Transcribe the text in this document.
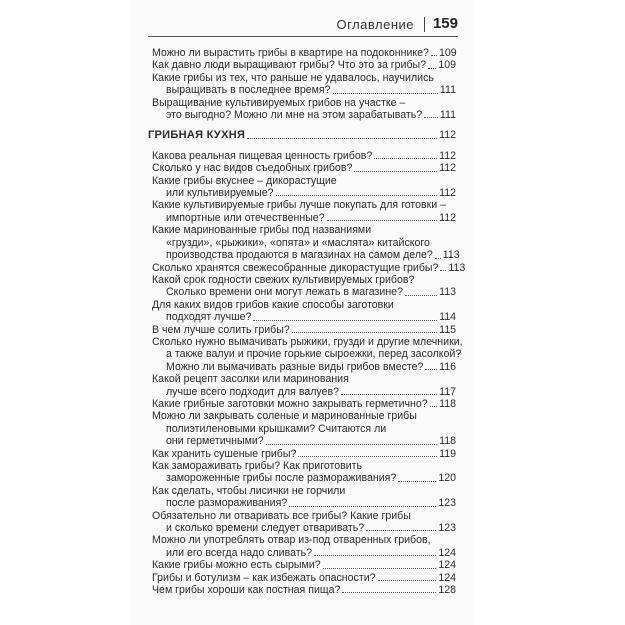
Оглавление 159
Можно ли вырастить грибы в квартире на подоконнике? 109
Как давно люди выращивают грибы? Что это за грибы? 109
Какие грибы из тех, что раньше не удавалось, научились
выращивать в последнее время?	111
Выращивание культивируемых грибов на участке –
это выгодно? Можно ли мне на этом зарабатывать? 111
ГРИБНАЯ КУХНЯ	112
Какова реальная пищевая ценность грибов?	112
Сколько у нас видов съедобных грибов?	112
Какие грибы вкуснее – дикорастущие
или культивируемые?	112
Какие культивируемые грибы лучше покупать для готовки –
импортные или отечественные?	112
Какие маринованные грибы под названиями
«грузди», «рыжики», «опята» и «маслята» китайского
производства продаются в магазинах на самом деле? 113
Сколько хранятся свежесобранные дикорастущие грибы? 113
Какой срок годности свежих культивируемых грибов?
Сколько времени они могут лежать в магазине?	113
Для каких видов грибов какие способы заготовки
подходят лучше?	114
В чем лучше солить грибы?	115
Сколько нужно вымачивать рыжики, грузди и другие млечники,
а также валуи и прочие горькие сыроежки, перед засолкой?
Можно ли вымачивать разные виды грибов вместе? 116
Какой рецепт засолки или маринования
лучше всего подходит для валуев?	117
Какие грибные заготовки можно закрывать герметично? 118
Можно ли закрывать соленые и маринованные грибы
полиэтиленовыми крышками? Считаются ли
они герметичными?	118
Как хранить сушеные грибы?	119
Как замораживать грибы? Как приготовить
замороженные грибы после размораживания?	120
Как сделать, чтобы лисички не горчили
после размораживания?	123
Обязательно ли отваривать все грибы? Какие грибы
и сколько времени следует отваривать?	123
Можно ли употреблять отвар из-под отваренных грибов,
или его всегда надо сливать?	124
Какие грибы можно есть сырыми?	124
Грибы и ботулизм – как избежать опасности?	124
Чем грибы хороши как постная пища?	128
